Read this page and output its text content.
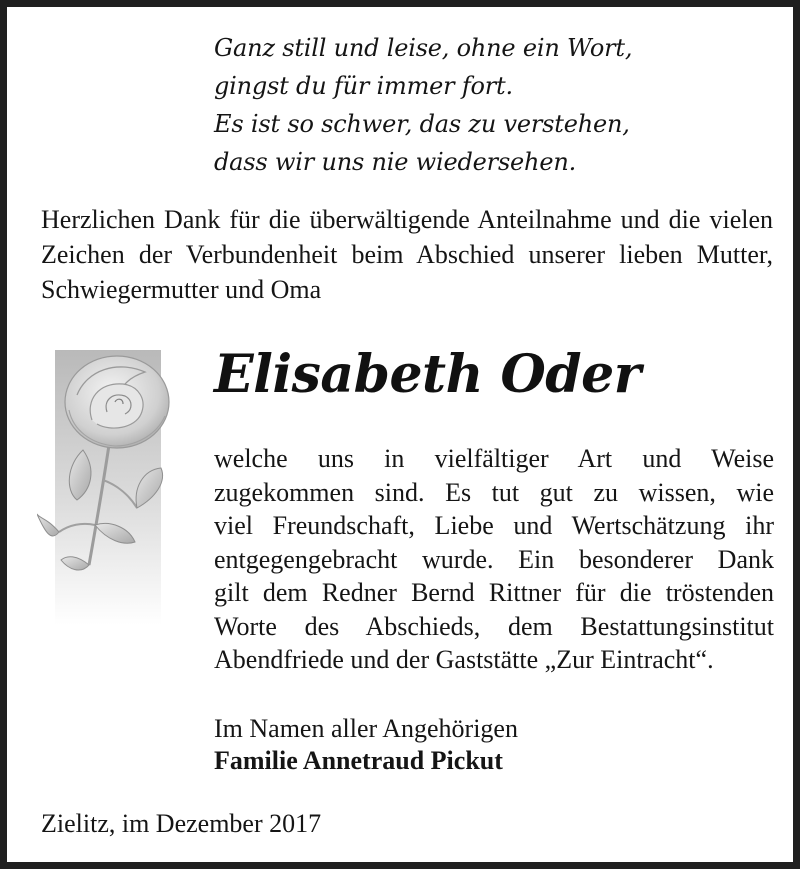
Ganz still und leise, ohne ein Wort,
gingst du für immer fort.
Es ist so schwer, das zu verstehen,
dass wir uns nie wiedersehen.
Herzlichen Dank für die überwältigende Anteilnahme und die vielen Zeichen der Verbundenheit beim Abschied unserer lieben Mutter, Schwiegermutter und Oma
Elisabeth Oder

welche uns in vielfältiger Art und Weise

zugekommen sind. Es tut gut zu wissen, wie

viel Freundschaft, Liebe und Wertschätzung ihr

entgegengebracht wurde. Ein besonderer Dank

gilt dem Redner Bernd Rittner für die tröstenden

Worte des Abschieds, dem Bestattungsinstitut

Abendfriede und der Gaststätte „Zur Eintracht“.

Im Namen aller Angehörigen
Familie Annetraud Pickut
Zielitz, im Dezember 2017
